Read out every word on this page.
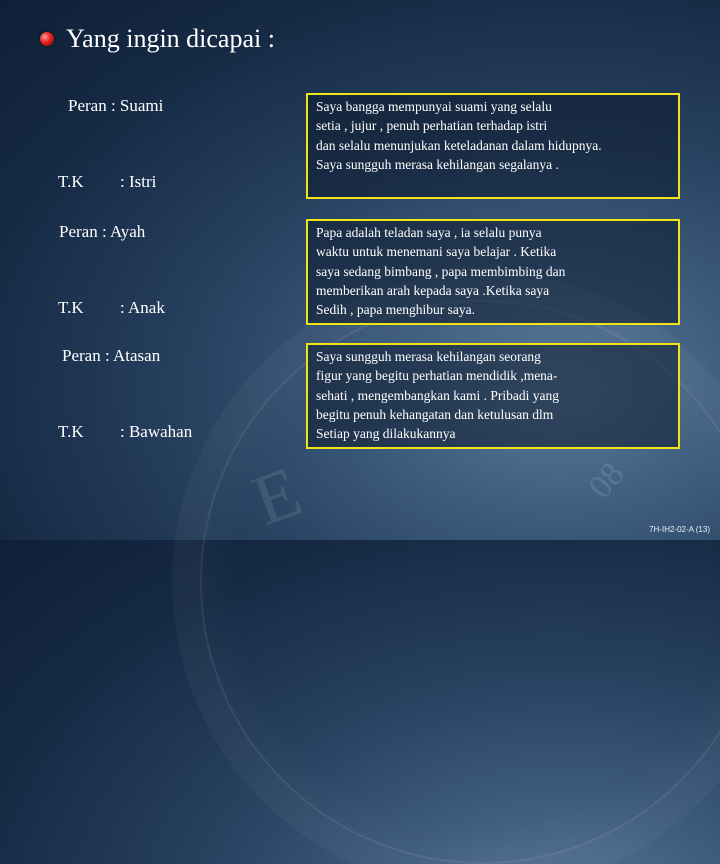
E	08
Yang ingin dicapai :
Peran : Suami
T.K : Istri
Saya bangga mempunyai suami yang selalu
setia , jujur , penuh perhatian terhadap istri
dan selalu menunjukan keteladanan dalam hidupnya.
Saya sungguh merasa kehilangan segalanya .
Peran : Ayah
T.K : Anak
Papa adalah teladan saya , ia selalu punya
waktu untuk menemani saya belajar . Ketika
saya sedang bimbang , papa membimbing dan
memberikan arah kepada saya .Ketika saya
Sedih , papa menghibur saya.
Peran : Atasan
T.K : Bawahan
Saya sungguh merasa kehilangan seorang
figur yang begitu perhatian mendidik ,mena-
sehati , mengembangkan kami . Pribadi yang
begitu penuh kehangatan dan ketulusan dlm
Setiap yang dilakukannya
7H-IH2-02-A (13)
